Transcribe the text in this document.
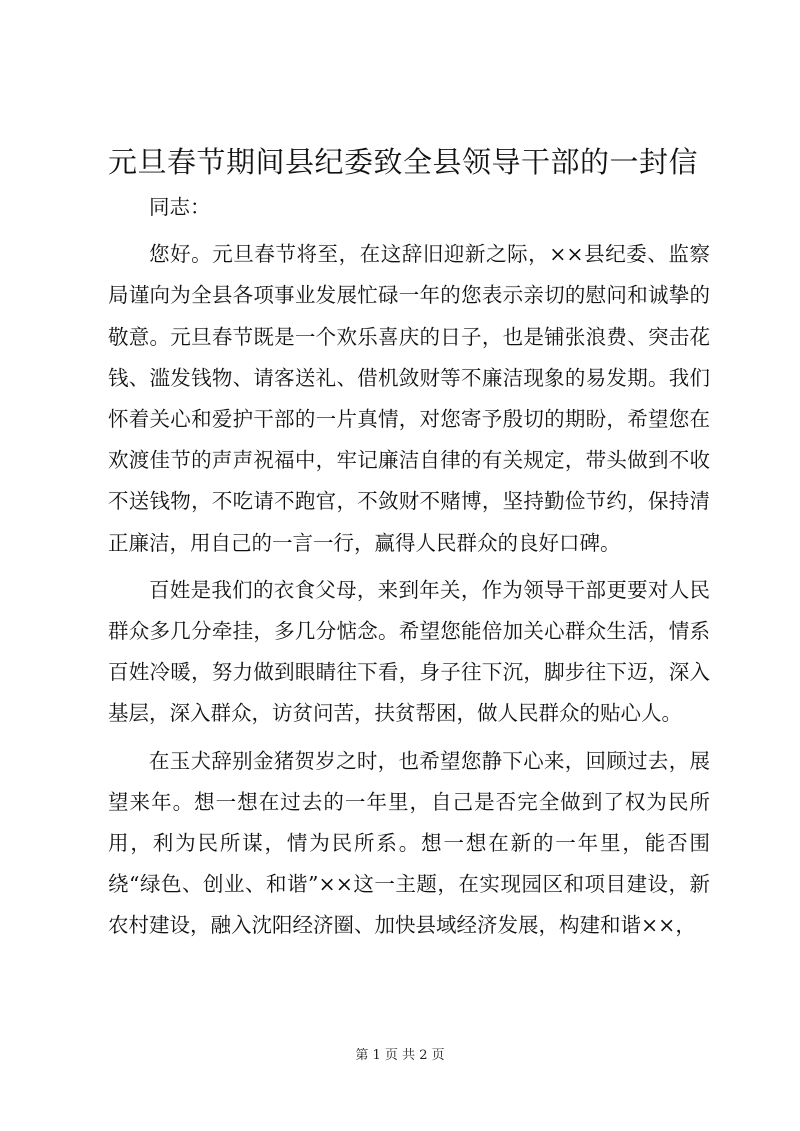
元旦春节期间县纪委致全县领导干部的一封信

同志：

您好。元旦春节将至，在这辞旧迎新之际，××县纪委、监察局谨向为全县各项事业发展忙碌一年的您表示亲切的慰问和诚挚的敬意。元旦春节既是一个欢乐喜庆的日子，也是铺张浪费、突击花钱、滥发钱物、请客送礼、借机敛财等不廉洁现象的易发期。我们怀着关心和爱护干部的一片真情，对您寄予殷切的期盼，希望您在欢渡佳节的声声祝福中，牢记廉洁自律的有关规定，带头做到不收不送钱物，不吃请不跑官，不敛财不赌博，坚持勤俭节约，保持清正廉洁，用自己的一言一行，赢得人民群众的良好口碑。

百姓是我们的衣食父母，来到年关，作为领导干部更要对人民群众多几分牵挂，多几分惦念。希望您能倍加关心群众生活，情系百姓冷暖，努力做到眼睛往下看，身子往下沉，脚步往下迈，深入基层，深入群众，访贫问苦，扶贫帮困，做人民群众的贴心人。

在玉犬辞别金猪贺岁之时，也希望您静下心来，回顾过去，展望来年。想一想在过去的一年里，自己是否完全做到了权为民所用，利为民所谋，情为民所系。想一想在新的一年里，能否围绕“绿色、创业、和谐”××这一主题，在实现园区和项目建设，新农村建设，融入沈阳经济圈、加快县域经济发展，构建和谐××，

第 1 页 共 2 页
